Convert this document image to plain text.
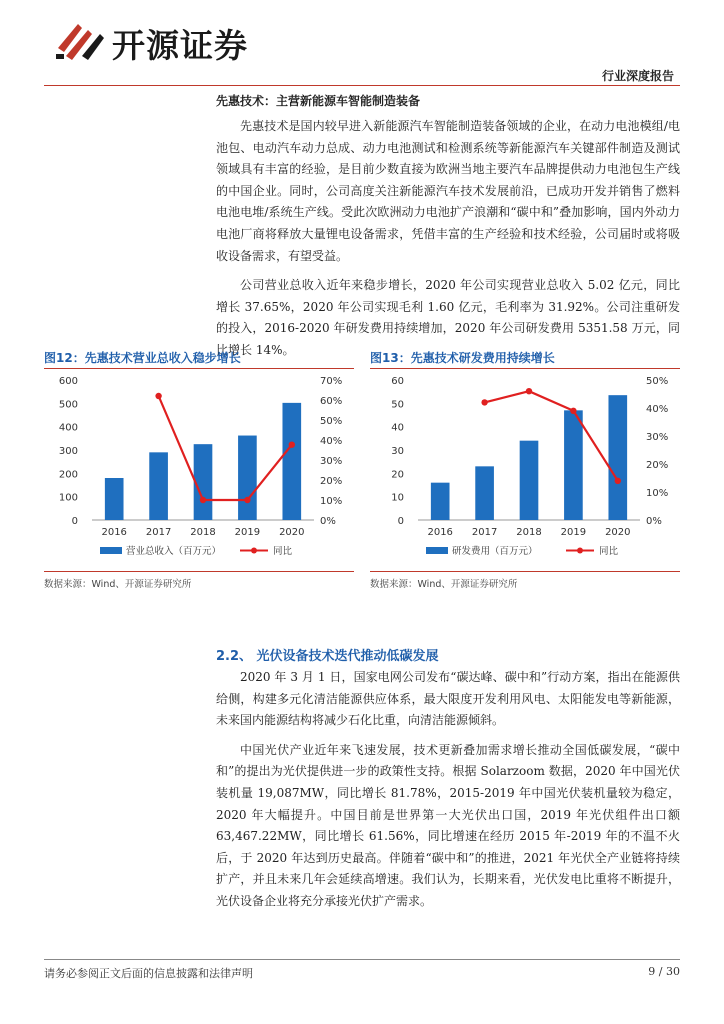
开源证券
行业深度报告
先惠技术：主营新能源车智能制造装备

先惠技术是国内较早进入新能源汽车智能制造装备领域的企业，在动力电池模组/电池包、电动汽车动力总成、动力电池测试和检测系统等新能源汽车关键部件制造及测试领域具有丰富的经验，是目前少数直接为欧洲当地主要汽车品牌提供动力电池包生产线的中国企业。同时，公司高度关注新能源汽车技术发展前沿，已成功开发并销售了燃料电池电堆/系统生产线。受此次欧洲动力电池扩产浪潮和“碳中和”叠加影响，国内外动力电池厂商将释放大量锂电设备需求，凭借丰富的生产经验和技术经验，公司届时或将吸收设备需求，有望受益。

公司营业总收入近年来稳步增长，2020 年公司实现营业总收入 5.02 亿元，同比增长 37.65%，2020 年公司实现毛利 1.60 亿元，毛利率为 31.92%。公司注重研发的投入，2016-2020 年研发费用持续增加，2020 年公司研发费用 5351.58 万元，同比增长 14%。

图12：先惠技术营业总收入稳步增长
0
100
200
300
400
500
600
0%
10%
20%
30%
40%
50%
60%
70%
2016 2017 2018 2019 2020
营业总收入（百万元）	同比
数据来源：Wind、开源证券研究所
图13：先惠技术研发费用持续增长
0
10
20
30
40
50
60
0%
10%
20%
30%
40%
50%
2016 2017 2018 2019 2020
研发费用（百万元）	同比
数据来源：Wind、开源证券研究所
2.2、 光伏设备技术迭代推动低碳发展

2020 年 3 月 1 日，国家电网公司发布“碳达峰、碳中和”行动方案，指出在能源供给侧，构建多元化清洁能源供应体系，最大限度开发利用风电、太阳能发电等新能源，未来国内能源结构将减少石化比重，向清洁能源倾斜。

中国光伏产业近年来飞速发展，技术更新叠加需求增长推动全国低碳发展，“碳中和”的提出为光伏提供进一步的政策性支持。根据 Solarzoom 数据，2020 年中国光伏装机量 19,087MW，同比增长 81.78%，2015-2019 年中国光伏装机量较为稳定，2020 年大幅提升。中国目前是世界第一大光伏出口国，2019 年光伏组件出口额 63,467.22MW，同比增长 61.56%，同比增速在经历 2015 年-2019 年的不温不火后，于 2020 年达到历史最高。伴随着“碳中和”的推进，2021 年光伏全产业链将持续扩产，并且未来几年会延续高增速。我们认为，长期来看，光伏发电比重将不断提升，光伏设备企业将充分承接光伏扩产需求。

请务必参阅正文后面的信息披露和法律声明	9 / 30
